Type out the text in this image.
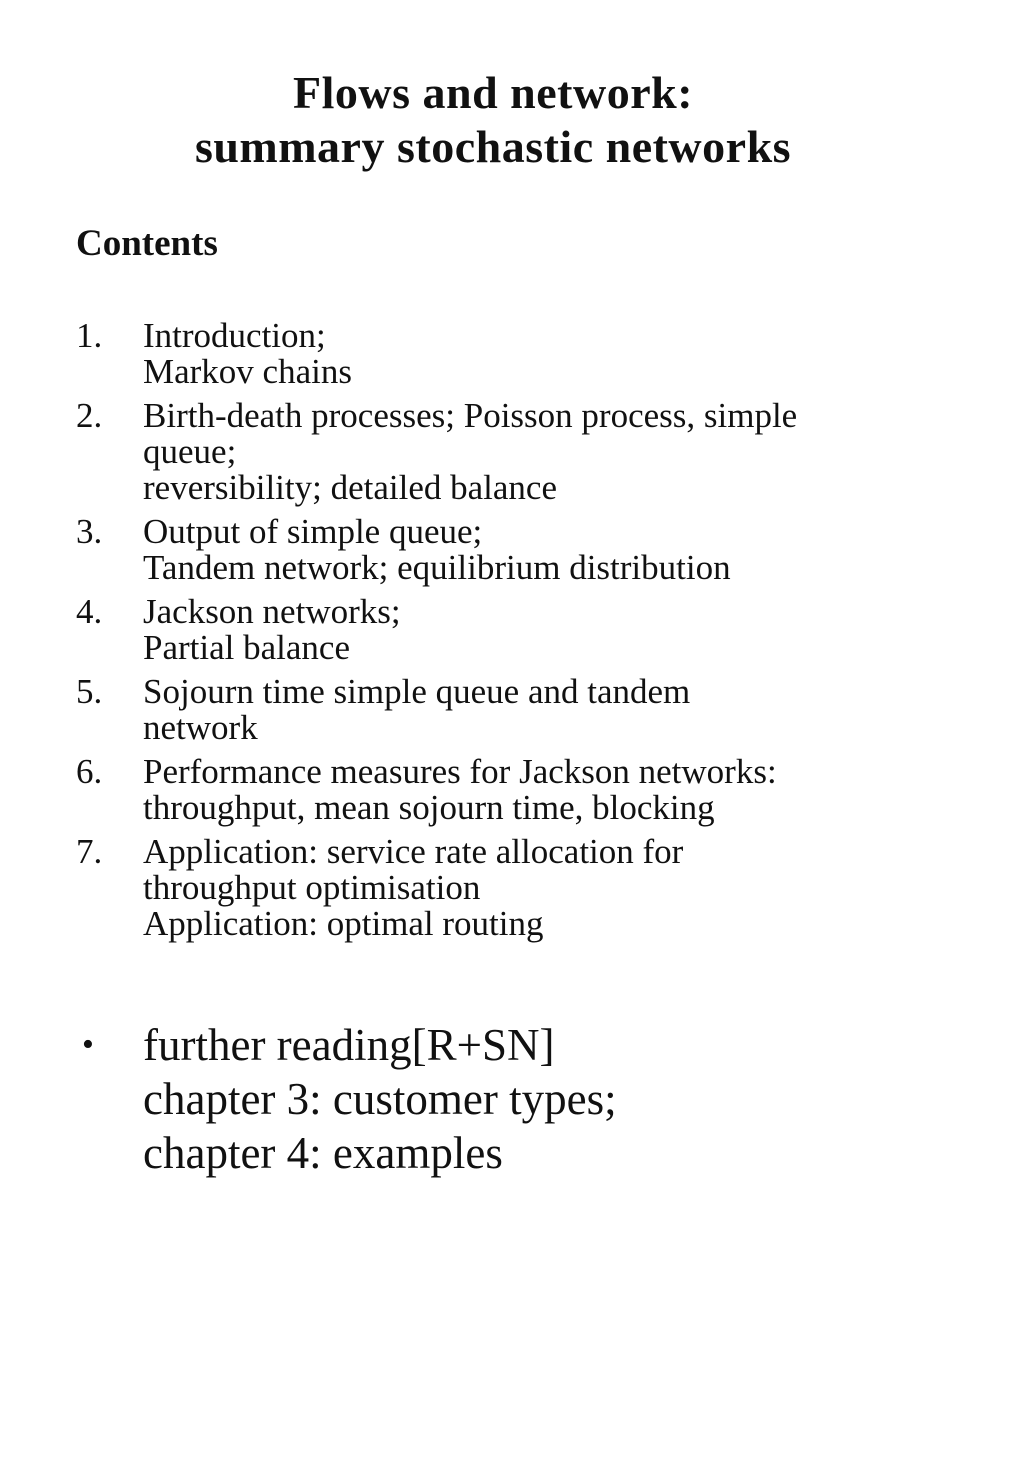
Flows and network:
summary stochastic networks
Contents
1. Introduction;
Markov chains
2. Birth-death processes; Poisson process, simple
queue;
reversibility; detailed balance
3. Output of simple queue;
Tandem network; equilibrium distribution
4. Jackson networks;
Partial balance
5. Sojourn time simple queue and tandem
network
6. Performance measures for Jackson networks:
throughput, mean sojourn time, blocking
7. Application: service rate allocation for
throughput optimisation
Application: optimal routing
• further reading[R+SN]
chapter 3: customer types;
chapter 4: examples
